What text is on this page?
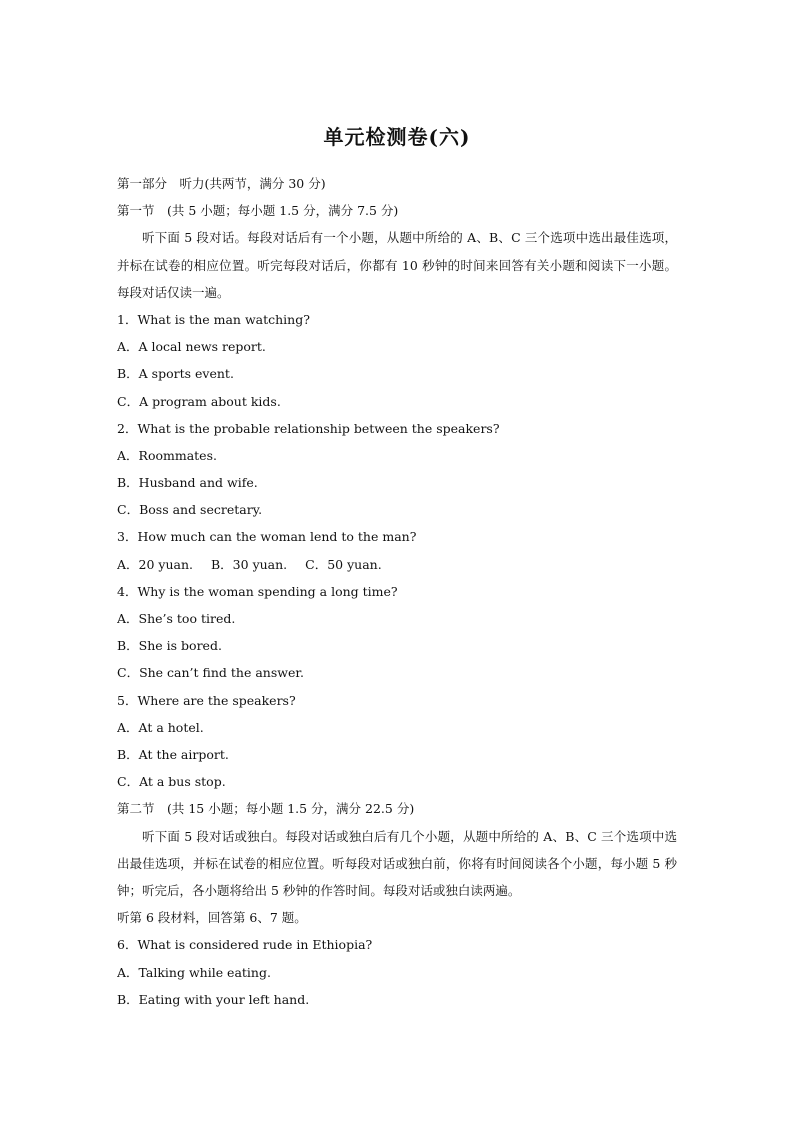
单元检测卷(六)
第一部分　听力(共两节，满分 30 分)
第一节　(共 5 小题；每小题 1.5 分，满分 7.5 分)
听下面 5 段对话。每段对话后有一个小题，从题中所给的 A、B、C 三个选项中选出最佳选项，并标在试卷的相应位置。听完每段对话后，你都有 10 秒钟的时间来回答有关小题和阅读下一小题。每段对话仅读一遍。
1．What is the man watching?
A．A local news report.
B．A sports event.
C．A program about kids.
2．What is the probable relationship between the speakers?
A．Roommates.
B．Husband and wife.
C．Boss and secretary.
3．How much can the woman lend to the man?
A．20 yuan. B．30 yuan. C．50 yuan.
4．Why is the woman spending a long time?
A．She’s too tired.
B．She is bored.
C．She can’t find the answer.
5．Where are the speakers?
A．At a hotel.
B．At the airport.
C．At a bus stop.
第二节　(共 15 小题；每小题 1.5 分，满分 22.5 分)
听下面 5 段对话或独白。每段对话或独白后有几个小题，从题中所给的 A、B、C 三个选项中选出最佳选项，并标在试卷的相应位置。听每段对话或独白前，你将有时间阅读各个小题，每小题 5 秒钟；听完后，各小题将给出 5 秒钟的作答时间。每段对话或独白读两遍。
听第 6 段材料，回答第 6、7 题。
6．What is considered rude in Ethiopia?
A．Talking while eating.
B．Eating with your left hand.
